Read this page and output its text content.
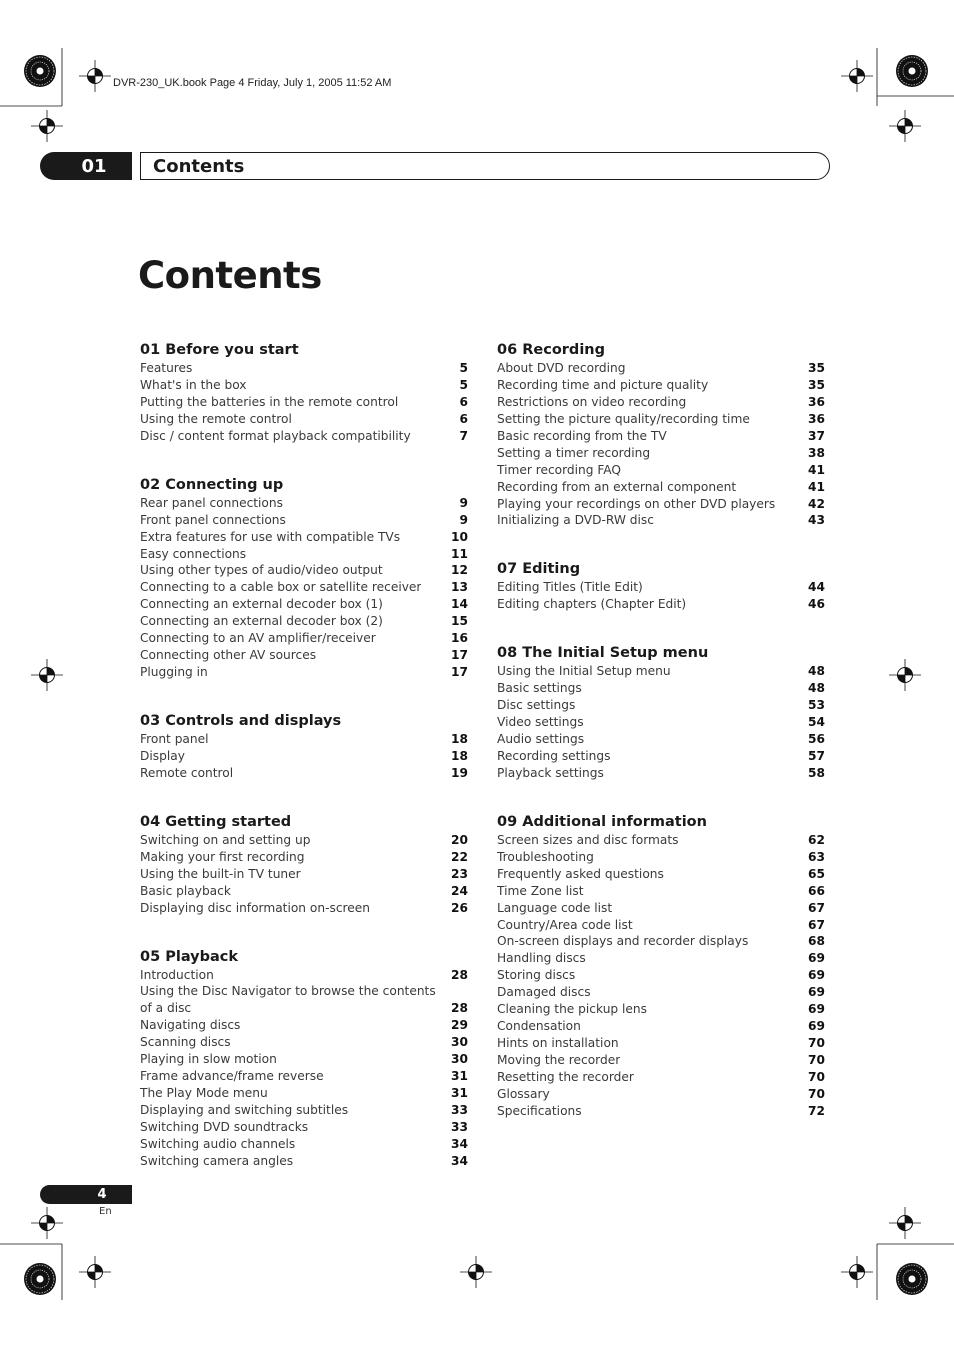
DVR-230_UK.book Page 4 Friday, July 1, 2005 11:52 AM
01	Contents
Contents
01 Before you start
Features	5
What's in the box	5
Putting the batteries in the remote control	6
Using the remote control	6
Disc / content format playback compatibility	7
02 Connecting up
Rear panel connections	9
Front panel connections	9
Extra features for use with compatible TVs	10
Easy connections	11
Using other types of audio/video output	12
Connecting to a cable box or satellite receiver 13
Connecting an external decoder box (1)	14
Connecting an external decoder box (2)	15
Connecting to an AV amplifier/receiver	16
Connecting other AV sources	17
Plugging in	17
03 Controls and displays
Front panel	18
Display	18
Remote control	19
04 Getting started
Switching on and setting up	20
Making your first recording	22
Using the built-in TV tuner	23
Basic playback	24
Displaying disc information on-screen	26
05 Playback
Introduction	28
Using the Disc Navigator to browse the contents
of a disc	28
Navigating discs	29
Scanning discs	30
Playing in slow motion	30
Frame advance/frame reverse	31
The Play Mode menu	31
Displaying and switching subtitles	33
Switching DVD soundtracks	33
Switching audio channels	34
Switching camera angles	34
06 Recording
About DVD recording	35
Recording time and picture quality	35
Restrictions on video recording	36
Setting the picture quality/recording time	36
Basic recording from the TV	37
Setting a timer recording	38
Timer recording FAQ	41
Recording from an external component	41
Playing your recordings on other DVD players	42
Initializing a DVD-RW disc	43
07 Editing
Editing Titles (Title Edit)	44
Editing chapters (Chapter Edit)	46
08 The Initial Setup menu
Using the Initial Setup menu	48
Basic settings	48
Disc settings	53
Video settings	54
Audio settings	56
Recording settings	57
Playback settings	58
09 Additional information
Screen sizes and disc formats	62
Troubleshooting	63
Frequently asked questions	65
Time Zone list	66
Language code list	67
Country/Area code list	67
On-screen displays and recorder displays	68
Handling discs	69
Storing discs	69
Damaged discs	69
Cleaning the pickup lens	69
Condensation	69
Hints on installation	70
Moving the recorder	70
Resetting the recorder	70
Glossary	70
Specifications	72
4
En
